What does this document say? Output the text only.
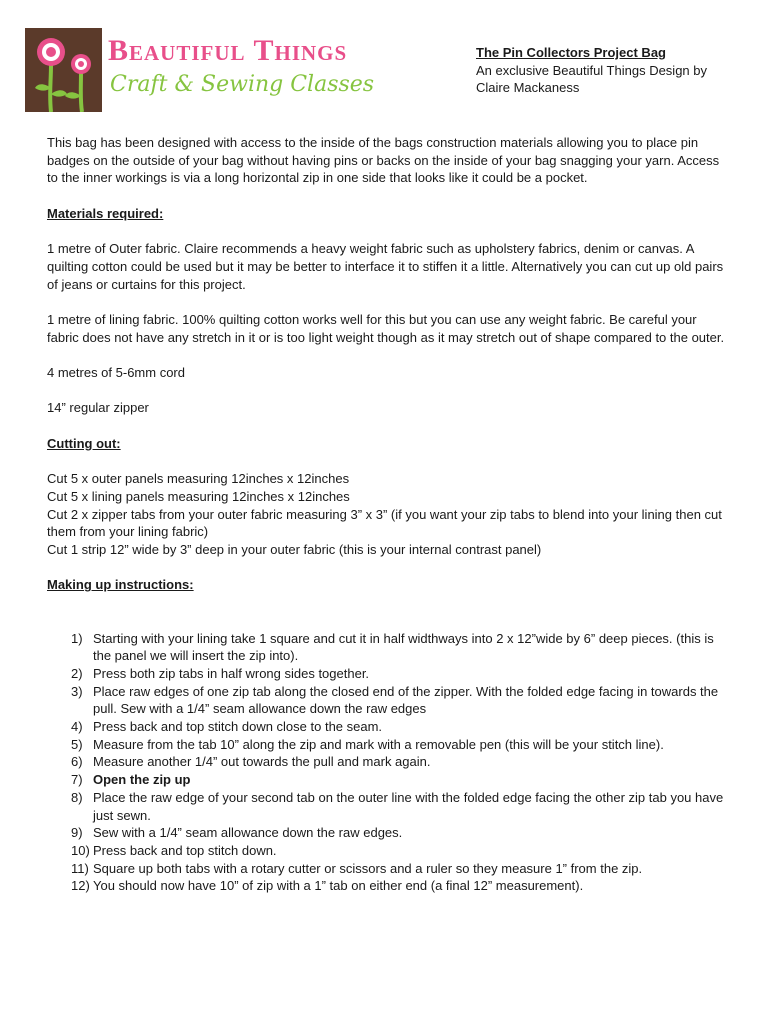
Beautiful Things
Craft & Sewing Classes
The Pin Collectors Project Bag
An exclusive Beautiful Things Design by
Claire Mackaness

This bag has been designed with access to the inside of the bags construction materials allowing you to place pin badges on the outside of your bag without having pins or backs on the inside of your bag snagging your yarn. Access to the inner workings is via a long horizontal zip in one side that looks like it could be a pocket.

Materials required:

1 metre of Outer fabric. Claire recommends a heavy weight fabric such as upholstery fabrics, denim or canvas. A quilting cotton could be used but it may be better to interface it to stiffen it a little. Alternatively you can cut up old pairs of jeans or curtains for this project.

1 metre of lining fabric. 100% quilting cotton works well for this but you can use any weight fabric. Be careful your fabric does not have any stretch in it or is too light weight though as it may stretch out of shape compared to the outer.

4 metres of 5-6mm cord

14” regular zipper

Cutting out:

Cut 5 x outer panels measuring 12inches x 12inches

Cut 5 x lining panels measuring 12inches x 12inches

Cut 2 x zipper tabs from your outer fabric measuring 3” x 3” (if you want your zip tabs to blend into your lining then cut them from your lining fabric)

Cut 1 strip 12” wide by 3” deep in your outer fabric (this is your internal contrast panel)

Making up instructions:

1) Starting with your lining take 1 square and cut it in half widthways into 2 x 12”wide by 6” deep pieces. (this is the panel we will insert the zip into).
2) Press both zip tabs in half wrong sides together.
3) Place raw edges of one zip tab along the closed end of the zipper. With the folded edge facing in towards the pull. Sew with a 1/4” seam allowance down the raw edges
4) Press back and top stitch down close to the seam.
5) Measure from the tab 10” along the zip and mark with a removable pen (this will be your stitch line).
6) Measure another 1/4” out towards the pull and mark again.
7) Open the zip up
8) Place the raw edge of your second tab on the outer line with the folded edge facing the other zip tab you have just sewn.
9) Sew with a 1/4” seam allowance down the raw edges.
10) Press back and top stitch down.
11) Square up both tabs with a rotary cutter or scissors and a ruler so they measure 1” from the zip.
12) You should now have 10” of zip with a 1” tab on either end (a final 12” measurement).
